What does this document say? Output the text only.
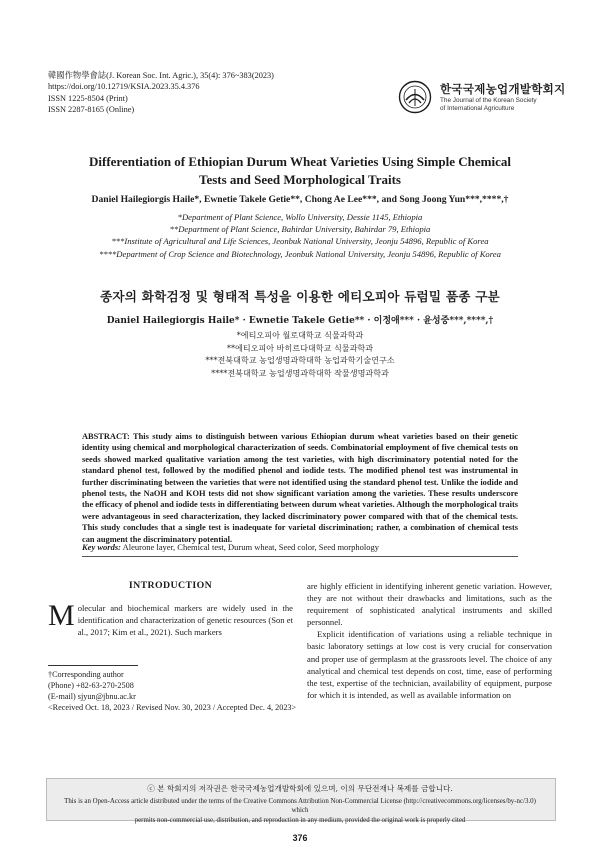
韓國作物學會誌(J. Korean Soc. Int. Agric.), 35(4): 376~383(2023)
https://doi.org/10.12719/KSIA.2023.35.4.376
ISSN 1225-8504 (Print)
ISSN 2287-8165 (Online)
한국국제농업개발학회지
The Journal of the Korean Society
of International Agriculture
Differentiation of Ethiopian Durum Wheat Varieties Using Simple Chemical
Tests and Seed Morphological Traits
Daniel Hailegiorgis Haile*, Ewnetie Takele Getie**, Chong Ae Lee***, and Song Joong Yun***,****,†
*Department of Plant Science, Wollo University, Dessie 1145, Ethiopia
**Department of Plant Science, Bahirdar University, Bahirdar 79, Ethiopia
***Institute of Agricultural and Life Sciences, Jeonbuk National University, Jeonju 54896, Republic of Korea
****Department of Crop Science and Biotechnology, Jeonbuk National University, Jeonju 54896, Republic of Korea
종자의 화학검정 및 형태적 특성을 이용한 에티오피아 듀럼밀 품종 구분
Daniel Hailegiorgis Haile* · Ewnetie Takele Getie** · 이정애*** · 윤성중***,****,†
*에티오피아 월로대학교 식물과학과
**에티오피아 바히르다대학교 식물과학과
***전북대학교 농업생명과학대학 농업과학기술연구소
****전북대학교 농업생명과학대학 작물생명과학과
ABSTRACT: This study aims to distinguish between various Ethiopian durum wheat varieties based on their genetic identity using chemical and morphological characterization of seeds. Combinatorial employment of five chemical tests on seeds showed marked qualitative variation among the test varieties, with high discriminatory potential noted for the standard phenol test, followed by the modified phenol and iodide tests. The modified phenol test was instrumental in further discriminating between the varieties that were not identified using the standard phenol test. Unlike the iodide and phenol tests, the NaOH and KOH tests did not show significant variation among the varieties. These results underscore the efficacy of phenol and iodide tests in differentiating between durum wheat varieties. Although the morphological traits were advantageous in seed characterization, they lacked discriminatory power compared with that of the chemical tests. This study concludes that a single test is inadequate for varietal discrimination; rather, a combination of chemical tests can augment the discriminatory potential.
Key words: Aleurone layer, Chemical test, Durum wheat, Seed color, Seed morphology
INTRODUCTION
Molecular and biochemical markers are widely used in the identification and characterization of genetic resources (Son et al., 2017; Kim et al., 2021). Such markers

are highly efficient in identifying inherent genetic variation. However, they are not without their drawbacks and limitations, such as the requirement of sophisticated analytical instruments and skilled personnel.

Explicit identification of variations using a reliable technique in basic laboratory settings at low cost is very crucial for conservation and proper use of germplasm at the grassroots level. The choice of any analytical and chemical test depends on cost, time, ease of performing the test, expertise of the technician, availability of equipment, purpose for which it is intended, as well as available information on

†Corresponding author
(Phone) +82-63-270-2508
(E-mail) sjyun@jbnu.ac.kr
<Received Oct. 18, 2023 / Revised Nov. 30, 2023 / Accepted Dec. 4, 2023>
ⓒ 본 학회지의 저작권은 한국국제농업개발학회에 있으며, 이의 무단전재나 복제를 금합니다.
This is an Open-Access article distributed under the terms of the Creative Commons Attribution Non-Commercial License (http://creativecommons.org/licenses/by-nc/3.0) which
permits non-commercial use, distribution, and reproduction in any medium, provided the original work is properly cited
376
